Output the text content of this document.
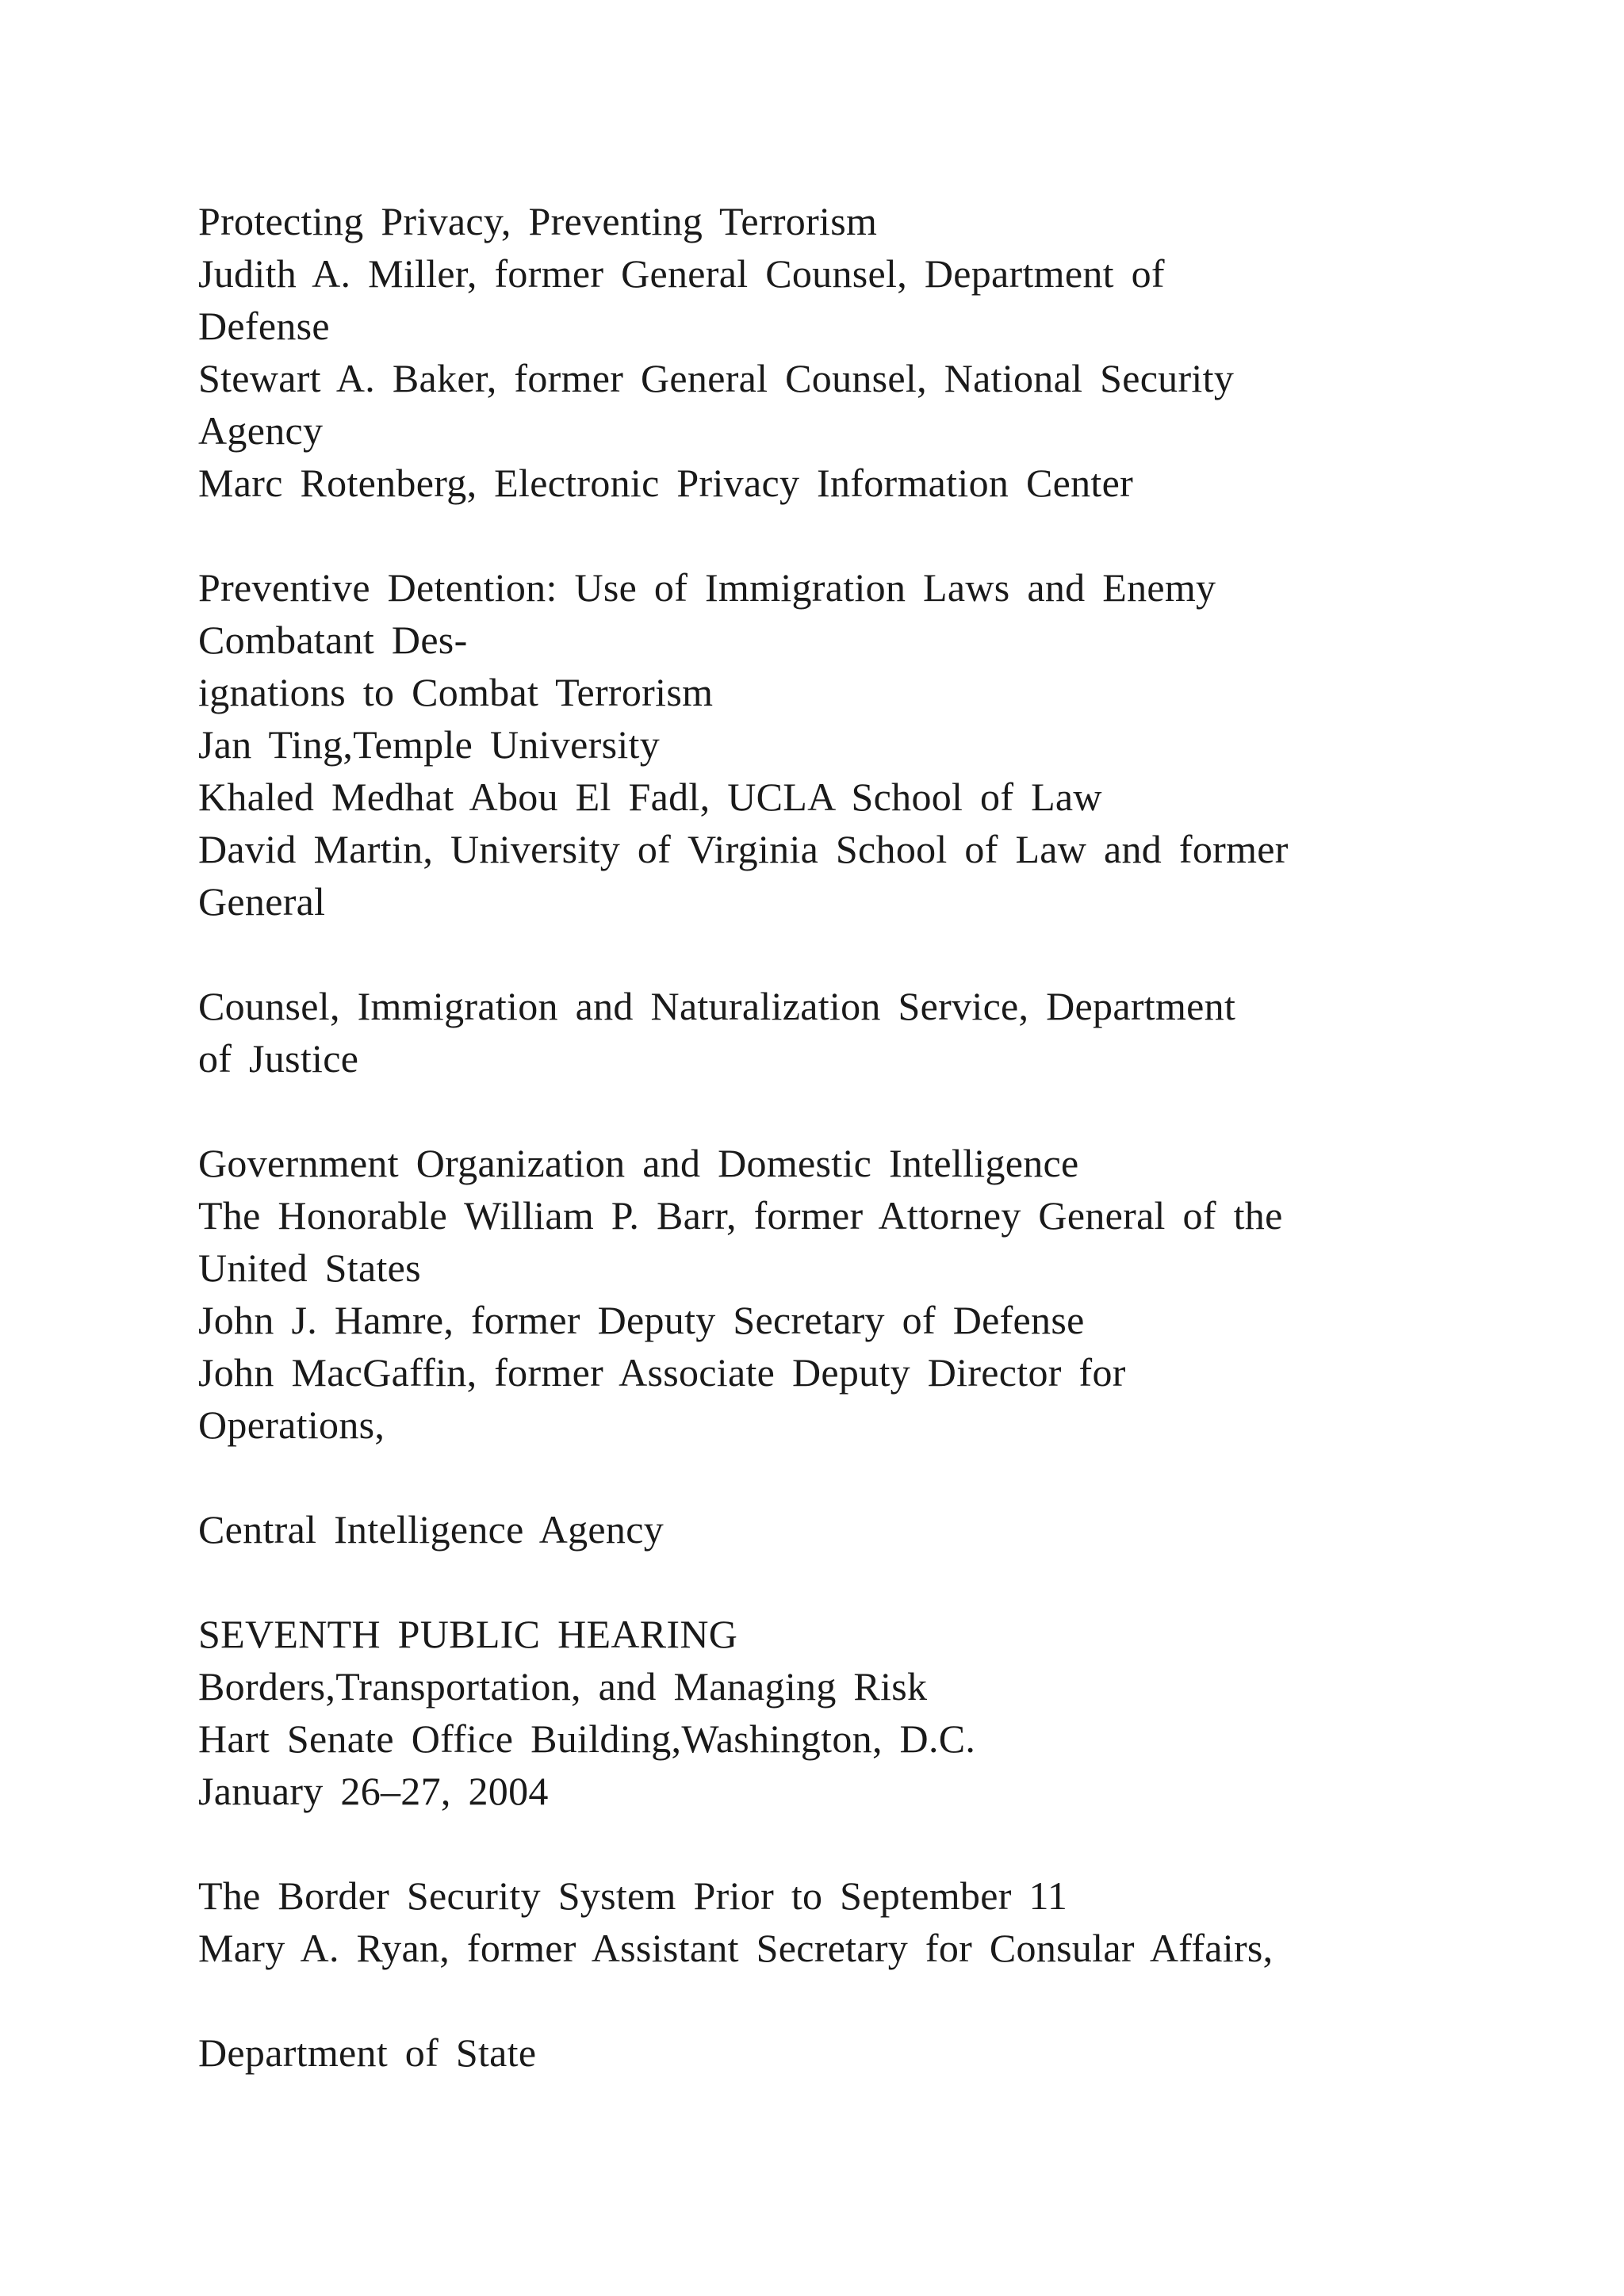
Protecting Privacy, Preventing Terrorism
Judith A. Miller, former General Counsel, Department of
Defense
Stewart A. Baker, former General Counsel, National Security
Agency
Marc Rotenberg, Electronic Privacy Information Center
Preventive Detention: Use of Immigration Laws and Enemy
Combatant Des-
ignations to Combat Terrorism
Jan Ting,Temple University
Khaled Medhat Abou El Fadl, UCLA School of Law
David Martin, University of Virginia School of Law and former
General
Counsel, Immigration and Naturalization Service, Department
of Justice
Government Organization and Domestic Intelligence
The Honorable William P. Barr, former Attorney General of the
United States
John J. Hamre, former Deputy Secretary of Defense
John MacGaffin, former Associate Deputy Director for
Operations,
Central Intelligence Agency
SEVENTH PUBLIC HEARING
Borders,Transportation, and Managing Risk
Hart Senate Office Building,Washington, D.C.
January 26–27, 2004
The Border Security System Prior to September 11
Mary A. Ryan, former Assistant Secretary for Consular Affairs,
Department of State
